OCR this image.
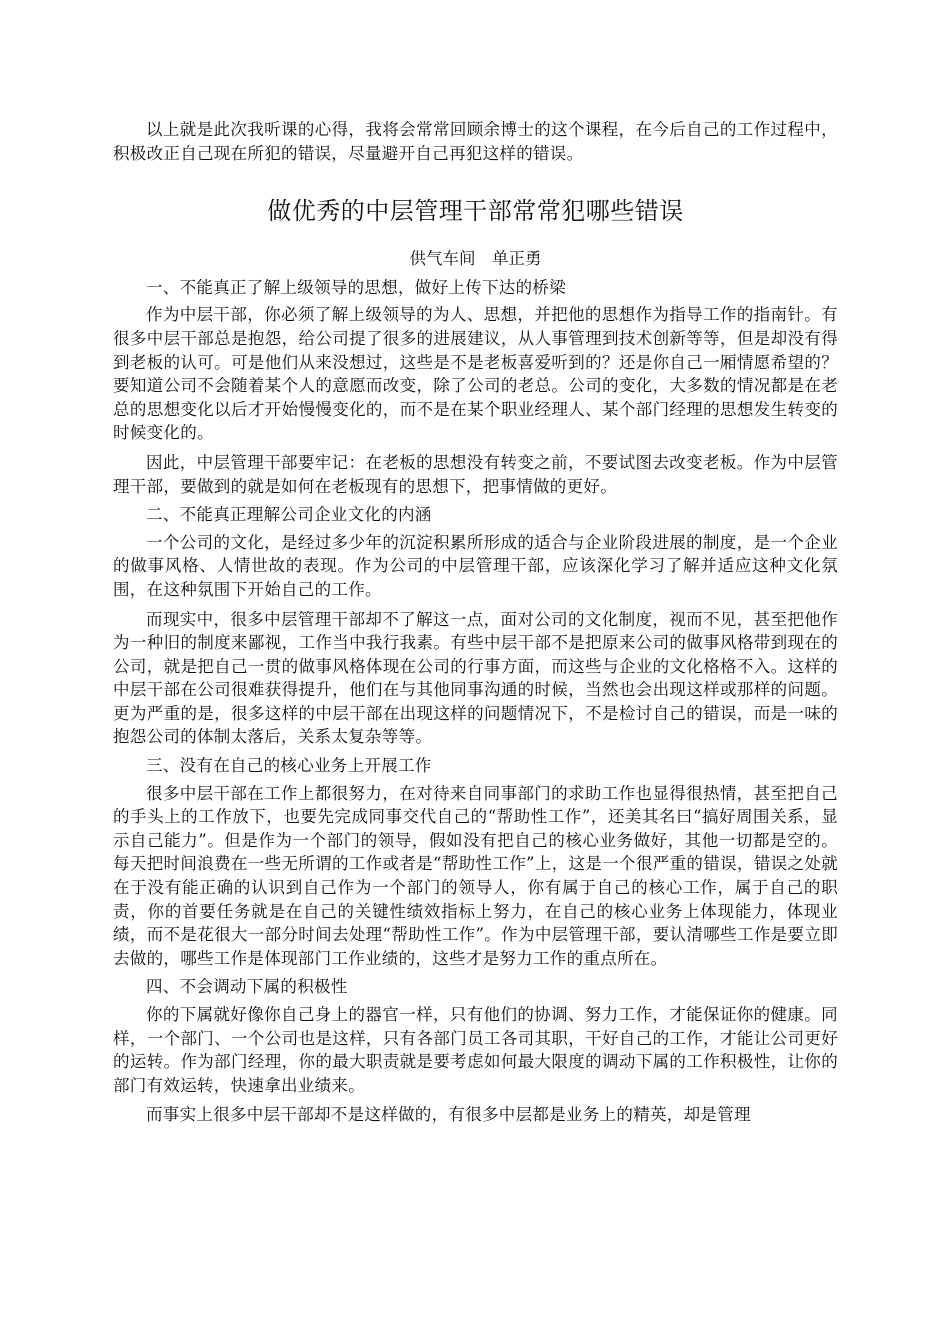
以上就是此次我听课的心得，我将会常常回顾余博士的这个课程，在今后自己的工作过程中，积极改正自己现在所犯的错误，尽量避开自己再犯这样的错误。

做优秀的中层管理干部常常犯哪些错误

供气车间　单正勇

一、不能真正了解上级领导的思想，做好上传下达的桥梁

作为中层干部，你必须了解上级领导的为人、思想，并把他的思想作为指导工作的指南针。有很多中层干部总是抱怨，给公司提了很多的进展建议，从人事管理到技术创新等等，但是却没有得到老板的认可。可是他们从来没想过，这些是不是老板喜爱听到的？还是你自己一厢情愿希望的？要知道公司不会随着某个人的意愿而改变，除了公司的老总。公司的变化，大多数的情况都是在老总的思想变化以后才开始慢慢变化的，而不是在某个职业经理人、某个部门经理的思想发生转变的时候变化的。

因此，中层管理干部要牢记：在老板的思想没有转变之前，不要试图去改变老板。作为中层管理干部，要做到的就是如何在老板现有的思想下，把事情做的更好。

二、不能真正理解公司企业文化的内涵

一个公司的文化，是经过多少年的沉淀积累所形成的适合与企业阶段进展的制度，是一个企业的做事风格、人情世故的表现。作为公司的中层管理干部，应该深化学习了解并适应这种文化氛围，在这种氛围下开始自己的工作。

而现实中，很多中层管理干部却不了解这一点，面对公司的文化制度，视而不见，甚至把他作为一种旧的制度来鄙视，工作当中我行我素。有些中层干部不是把原来公司的做事风格带到现在的公司，就是把自己一贯的做事风格体现在公司的行事方面，而这些与企业的文化格格不入。这样的中层干部在公司很难获得提升，他们在与其他同事沟通的时候，当然也会出现这样或那样的问题。更为严重的是，很多这样的中层干部在出现这样的问题情况下，不是检讨自己的错误，而是一味的抱怨公司的体制太落后，关系太复杂等等。

三、没有在自己的核心业务上开展工作

很多中层干部在工作上都很努力，在对待来自同事部门的求助工作也显得很热情，甚至把自己的手头上的工作放下，也要先完成同事交代自己的“帮助性工作”，还美其名曰“搞好周围关系，显示自己能力”。但是作为一个部门的领导，假如没有把自己的核心业务做好，其他一切都是空的。每天把时间浪费在一些无所谓的工作或者是“帮助性工作”上，这是一个很严重的错误，错误之处就在于没有能正确的认识到自己作为一个部门的领导人，你有属于自己的核心工作，属于自己的职责，你的首要任务就是在自己的关键性绩效指标上努力，在自己的核心业务上体现能力，体现业绩，而不是花很大一部分时间去处理“帮助性工作”。作为中层管理干部，要认清哪些工作是要立即去做的，哪些工作是体现部门工作业绩的，这些才是努力工作的重点所在。

四、不会调动下属的积极性

你的下属就好像你自己身上的器官一样，只有他们的协调、努力工作，才能保证你的健康。同样，一个部门、一个公司也是这样，只有各部门员工各司其职，干好自己的工作，才能让公司更好的运转。作为部门经理，你的最大职责就是要考虑如何最大限度的调动下属的工作积极性，让你的部门有效运转，快速拿出业绩来。

而事实上很多中层干部却不是这样做的，有很多中层都是业务上的精英，却是管理
